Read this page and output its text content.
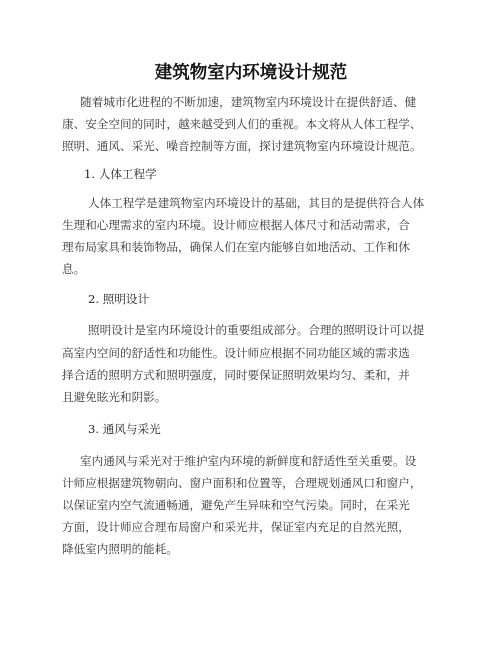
建筑物室内环境设计规范
随着城市化进程的不断加速，建筑物室内环境设计在提供舒适、健
康、安全空间的同时，越来越受到人们的重视。本文将从人体工程学、
照明、通风、采光、噪音控制等方面，探讨建筑物室内环境设计规范。
1. 人体工程学
人体工程学是建筑物室内环境设计的基础，其目的是提供符合人体
生理和心理需求的室内环境。设计师应根据人体尺寸和活动需求，合
理布局家具和装饰物品，确保人们在室内能够自如地活动、工作和休
息。
2. 照明设计
照明设计是室内环境设计的重要组成部分。合理的照明设计可以提
高室内空间的舒适性和功能性。设计师应根据不同功能区域的需求选
择合适的照明方式和照明强度，同时要保证照明效果均匀、柔和，并
且避免眩光和阴影。
3. 通风与采光
室内通风与采光对于维护室内环境的新鲜度和舒适性至关重要。设
计师应根据建筑物朝向、窗户面积和位置等，合理规划通风口和窗户，
以保证室内空气流通畅通，避免产生异味和空气污染。同时，在采光
方面，设计师应合理布局窗户和采光井，保证室内充足的自然光照，
降低室内照明的能耗。
